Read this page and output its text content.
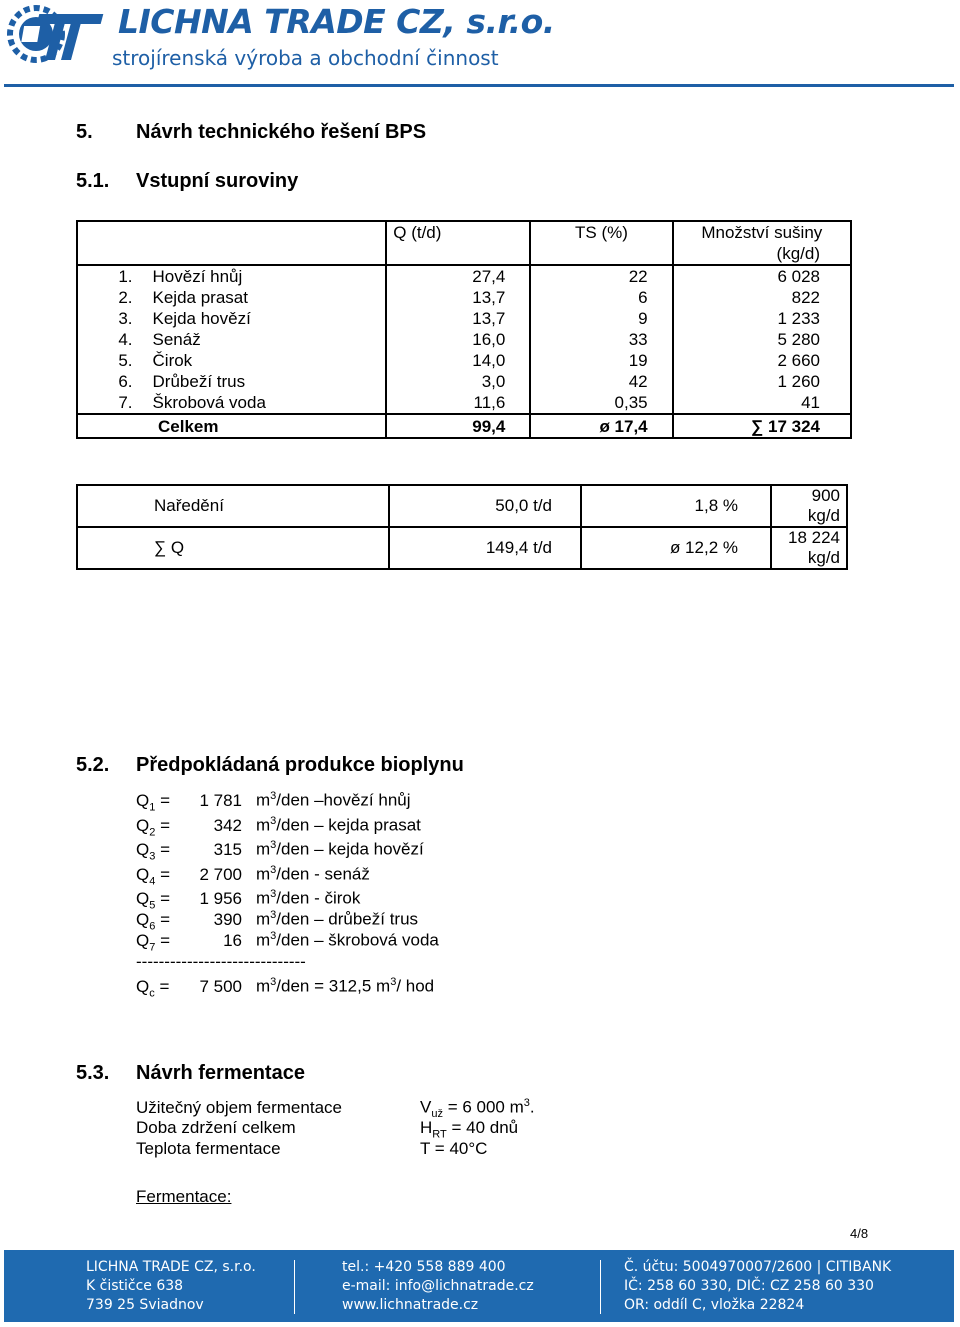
LICHNA TRADE CZ, s.r.o.
strojírenská výroba a obchodní činnost
5. Návrh technického řešení BPS
5.1. Vstupní suroviny
		Q (t/d)	TS (%)	Množství sušiny
				(kg/d)
1.	Hovězí hnůj	27,4	22	6 028
2.	Kejda prasat	13,7	6	822
3.	Kejda hovězí	13,7	9	1 233
4.	Senáž	16,0	33	5 280
5.	Čirok	14,0	19	2 660
6.	Drůbeží trus	3,0	42	1 260
7.	Škrobová voda	11,6	0,35	41
Celkem		99,4	ø 17,4	∑ 17 324
Naředění	50,0 t/d	1,8 %	900 kg/d
∑ Q	149,4 t/d	ø 12,2 %	18 224 kg/d
5.2. Předpokládaná produkce bioplynu
$Q_1 = 1$ 781 $m^3$/den –hovězí hnůj
$Q_2$ =	342 $m^3$/den – kejda prasat
$Q_3$ =	315 $m^3$/den – kejda hovězí
$Q_4 = 2$ 700 $m^3$/den - senáž
$Q_5 = 1$ 956 $m^3$/den - čirok
$Q_6$ =	390 $m^3$/den – drůbeží trus
$Q_7$ =	16 $m^3$/den – škrobová voda
------------------------------
$Q_c = 7$ 500 $m^3$/den = 312,5 $m^3/$ hod
5.3. Návrh fermentace
Užitečný objem fermentace	$V_{už} = 6$ 000 $m^3$.
Doba zdržení celkem	$H_{RT} = 40$ dnů
Teplota fermentace	T = 40°C
Fermentace:
4/8
LICHNA TRADE CZ, s.r.o.
K čističce 638
739 25 Sviadnov
tel.: +420 558 889 400
e-mail: info@lichnatrade.cz
www.lichnatrade.cz
Č. účtu: 5004970007/2600 | CITIBANK
IČ: 258 60 330, DIČ: CZ 258 60 330
OR: oddíl C, vložka 22824
